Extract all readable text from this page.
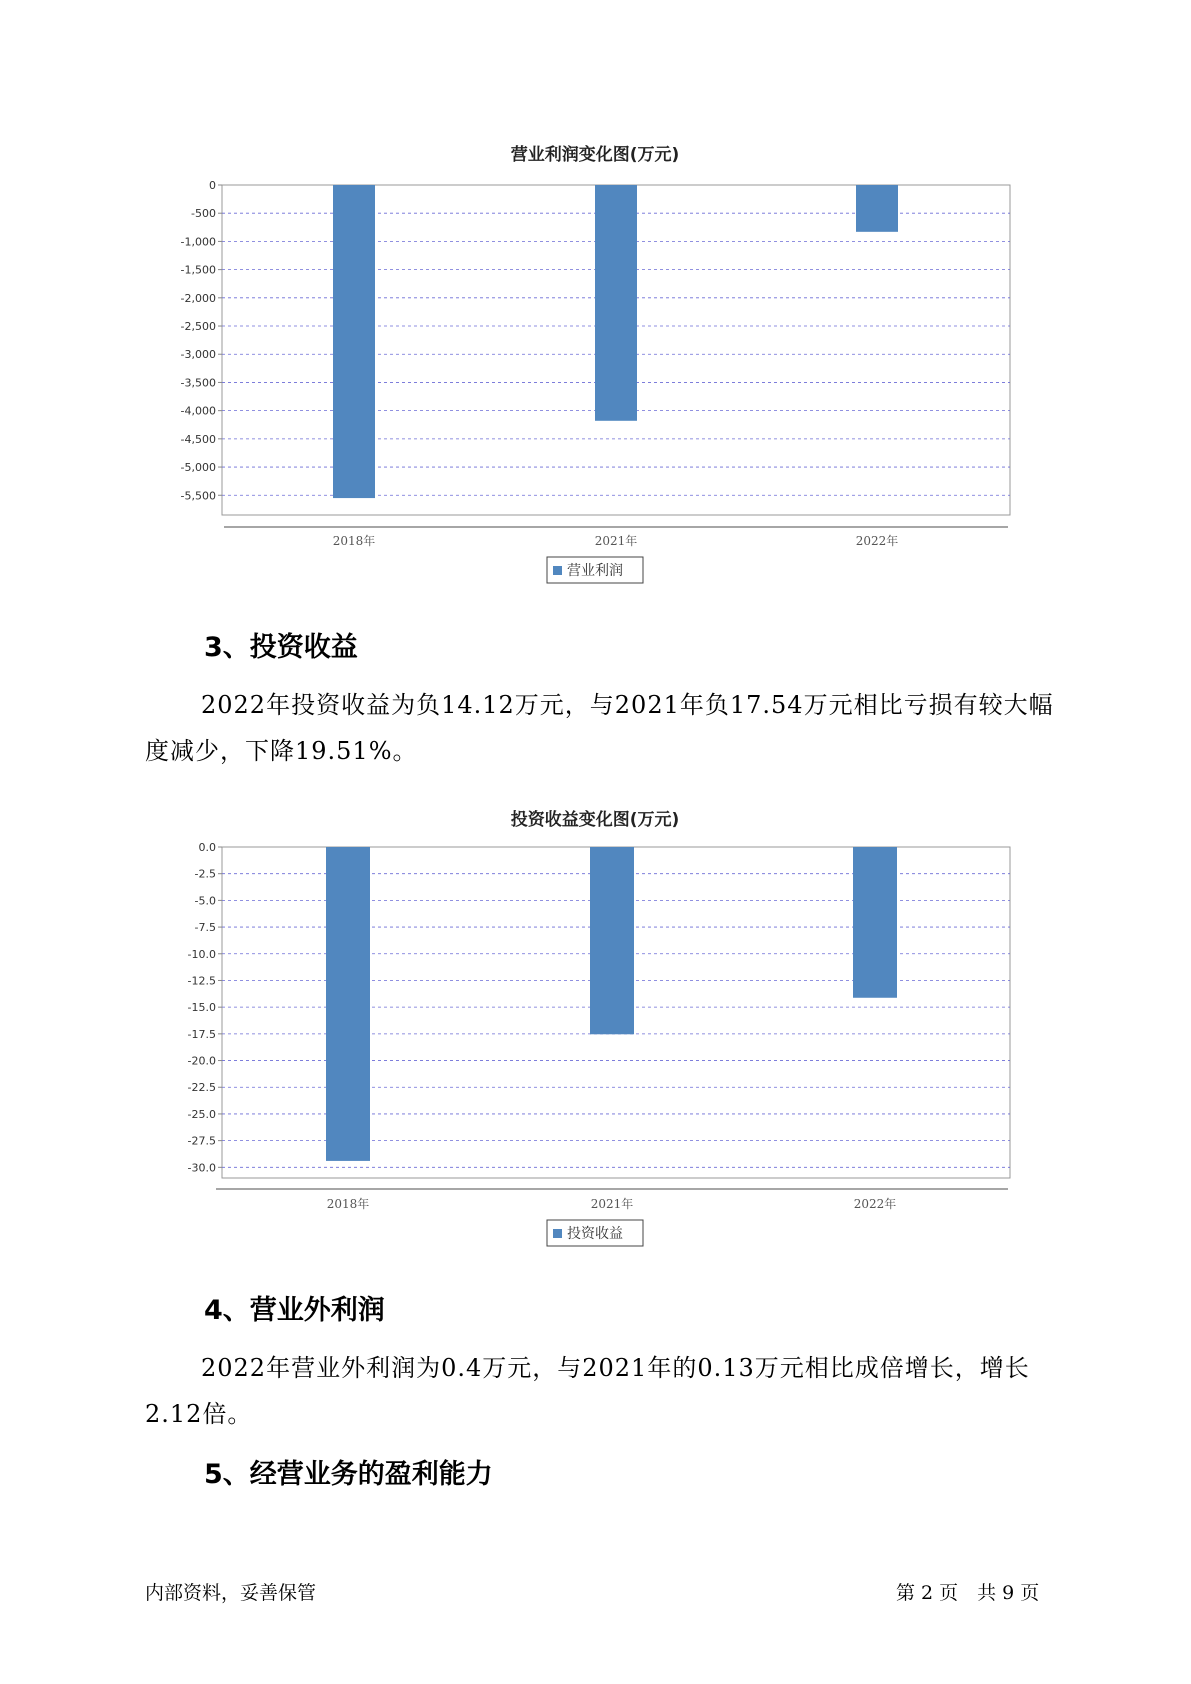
营业利润变化图(万元)
0
-500
-1,000
-1,500
-2,000
-2,500
-3,000
-3,500
-4,000
-4,500
-5,000
-5,500
2018年	2021年	2022年
营业利润
3、投资收益

2022年投资收益为负14.12万元，与2021年负17.54万元相比亏损有较大幅度减少，下降19.51%。

投资收益变化图(万元)
0.0
-2.5
-5.0
-7.5
-10.0
-12.5
-15.0
-17.5
-20.0
-22.5
-25.0
-27.5
-30.0
2018年	2021年	2022年
投资收益
4、营业外利润

2022年营业外利润为0.4万元，与2021年的0.13万元相比成倍增长，增长2.12倍。

5、经营业务的盈利能力
内部资料，妥善保管	第 2 页　共 9 页
